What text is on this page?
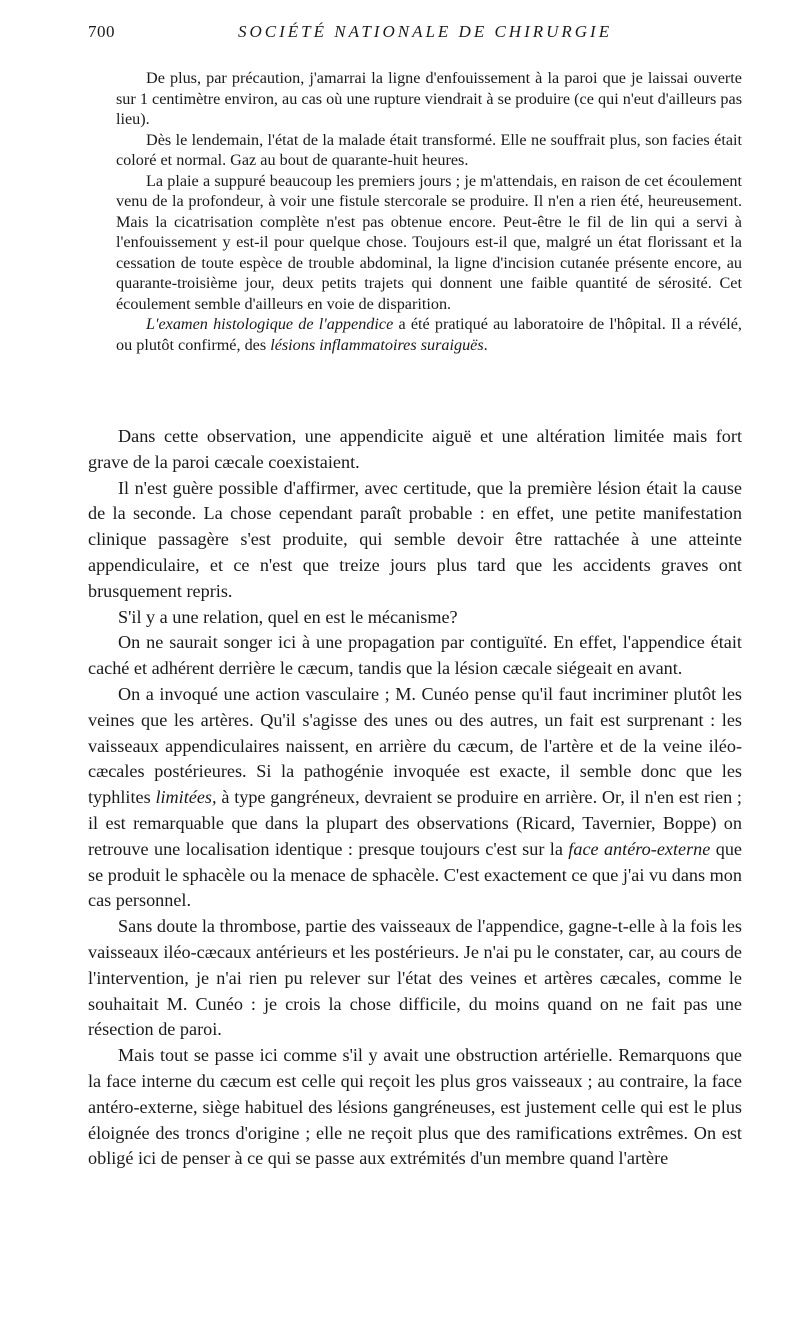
700	SOCIÉTÉ NATIONALE DE CHIRURGIE

De plus, par précaution, j'amarrai la ligne d'enfouissement à la paroi que je laissai ouverte sur 1 centimètre environ, au cas où une rupture viendrait à se produire (ce qui n'eut d'ailleurs pas lieu).

Dès le lendemain, l'état de la malade était transformé. Elle ne souffrait plus, son facies était coloré et normal. Gaz au bout de quarante-huit heures.

La plaie a suppuré beaucoup les premiers jours ; je m'attendais, en raison de cet écoulement venu de la profondeur, à voir une fistule stercorale se produire. Il n'en a rien été, heureusement. Mais la cicatrisation complète n'est pas obtenue encore. Peut-être le fil de lin qui a servi à l'enfouissement y est-il pour quelque chose. Toujours est-il que, malgré un état florissant et la cessation de toute espèce de trouble abdominal, la ligne d'incision cutanée présente encore, au quarante-troisième jour, deux petits trajets qui donnent une faible quantité de sérosité. Cet écoulement semble d'ailleurs en voie de disparition.

L'examen histologique de l'appendice a été pratiqué au laboratoire de l'hôpital. Il a révélé, ou plutôt confirmé, des lésions inflammatoires suraiguës.

Dans cette observation, une appendicite aiguë et une altération limitée mais fort grave de la paroi cæcale coexistaient.

Il n'est guère possible d'affirmer, avec certitude, que la première lésion était la cause de la seconde. La chose cependant paraît probable : en effet, une petite manifestation clinique passagère s'est produite, qui semble devoir être rattachée à une atteinte appendiculaire, et ce n'est que treize jours plus tard que les accidents graves ont brusquement repris.

S'il y a une relation, quel en est le mécanisme?

On ne saurait songer ici à une propagation par contiguïté. En effet, l'appendice était caché et adhérent derrière le cæcum, tandis que la lésion cæcale siégeait en avant.

On a invoqué une action vasculaire ; M. Cunéo pense qu'il faut incriminer plutôt les veines que les artères. Qu'il s'agisse des unes ou des autres, un fait est surprenant : les vaisseaux appendiculaires naissent, en arrière du cæcum, de l'artère et de la veine iléo-cæcales postérieures. Si la pathogénie invoquée est exacte, il semble donc que les typhlites limitées, à type gangréneux, devraient se produire en arrière. Or, il n'en est rien ; il est remarquable que dans la plupart des observations (Ricard, Tavernier, Boppe) on retrouve une localisation identique : presque toujours c'est sur la face antéro-externe que se produit le sphacèle ou la menace de sphacèle. C'est exactement ce que j'ai vu dans mon cas personnel.

Sans doute la thrombose, partie des vaisseaux de l'appendice, gagne-t-elle à la fois les vaisseaux iléo-cæcaux antérieurs et les postérieurs. Je n'ai pu le constater, car, au cours de l'intervention, je n'ai rien pu relever sur l'état des veines et artères cæcales, comme le souhaitait M. Cunéo : je crois la chose difficile, du moins quand on ne fait pas une résection de paroi.

Mais tout se passe ici comme s'il y avait une obstruction artérielle. Remarquons que la face interne du cæcum est celle qui reçoit les plus gros vaisseaux ; au contraire, la face antéro-externe, siège habituel des lésions gangréneuses, est justement celle qui est le plus éloignée des troncs d'origine ; elle ne reçoit plus que des ramifications extrêmes. On est obligé ici de penser à ce qui se passe aux extrémités d'un membre quand l'artère
